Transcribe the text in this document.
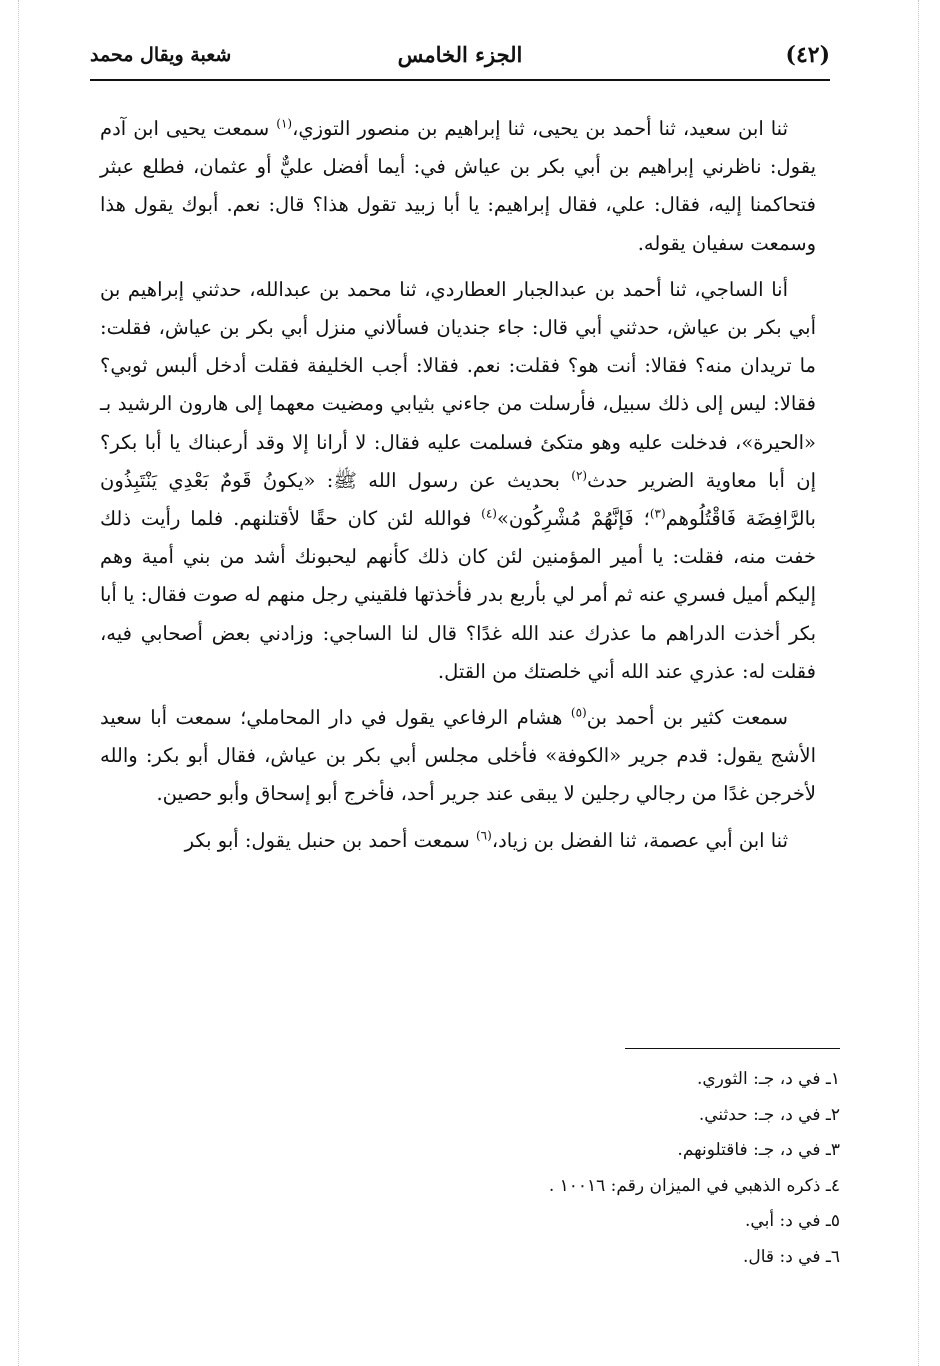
(٤٢)
الجزء الخامس
شعبة ويقال محمد

ثنا ابن سعيد، ثنا أحمد بن يحيى، ثنا إبراهيم بن منصور التوزي،$^{(١)}$ سمعت يحيى ابن آدم يقول: ناظرني إبراهيم بن أبي بكر بن عياش في: أيما أفضل عليٌّ أو عثمان، فطلع عبثر فتحاكمنا إليه، فقال: علي، فقال إبراهيم: يا أبا زبيد تقول هذا؟ قال: نعم. أبوك يقول هذا وسمعت سفيان يقوله.

أنا الساجي، ثنا أحمد بن عبدالجبار العطاردي، ثنا محمد بن عبدالله، حدثني إبراهيم بن أبي بكر بن عياش، حدثني أبي قال: جاء جنديان فسألاني منزل أبي بكر بن عياش، فقلت: ما تريدان منه؟ فقالا: أنت هو؟ فقلت: نعم. فقالا: أجب الخليفة فقلت أدخل ألبس ثوبي؟ فقالا: ليس إلى ذلك سبيل، فأرسلت من جاءني بثيابي ومضيت معهما إلى هارون الرشيد بـ «الحيرة»، فدخلت عليه وهو متكئ فسلمت عليه فقال: لا أرانا إلا وقد أرعبناك يا أبا بكر؟ إن أبا معاوية الضرير حدث$^{(٢)}$ بحديث عن رسول الله ﷺ: «يكونُ قَومٌ بَعْدِي يَنْتَبِذُون بالرَّافِضَة فَاقْتُلُوهم$^{(٣)}$؛ فَإنَّهُمْ مُشْرِكُون»$^{(٤)}$ فوالله لئن كان حقًا لأقتلنهم. فلما رأيت ذلك خفت منه، فقلت: يا أمير المؤمنين لئن كان ذلك كأنهم ليحبونك أشد من بني أمية وهم إليكم أميل فسري عنه ثم أمر لي بأربع بدر فأخذتها فلقيني رجل منهم له صوت فقال: يا أبا بكر أخذت الدراهم ما عذرك عند الله غدًا؟ قال لنا الساجي: وزادني بعض أصحابي فيه، فقلت له: عذري عند الله أني خلصتك من القتل.

سمعت كثير بن أحمد بن$^{(٥)}$ هشام الرفاعي يقول في دار المحاملي؛ سمعت أبا سعيد الأشج يقول: قدم جرير «الكوفة» فأخلى مجلس أبي بكر بن عياش، فقال أبو بكر: والله لأخرجن غدًا من رجالي رجلين لا يبقى عند جرير أحد، فأخرج أبو إسحاق وأبو حصين.

ثنا ابن أبي عصمة، ثنا الفضل بن زياد،$^{(٦)}$ سمعت أحمد بن حنبل يقول: أبو بكر

١ـ في د، جـ: الثوري.
٢ـ في د، جـ: حدثني.
٣ـ في د، جـ: فاقتلونهم.
٤ـ ذكره الذهبي في الميزان رقم: ١٠٠١٦ .
٥ـ في د: أبي.
٦ـ في د: قال.
